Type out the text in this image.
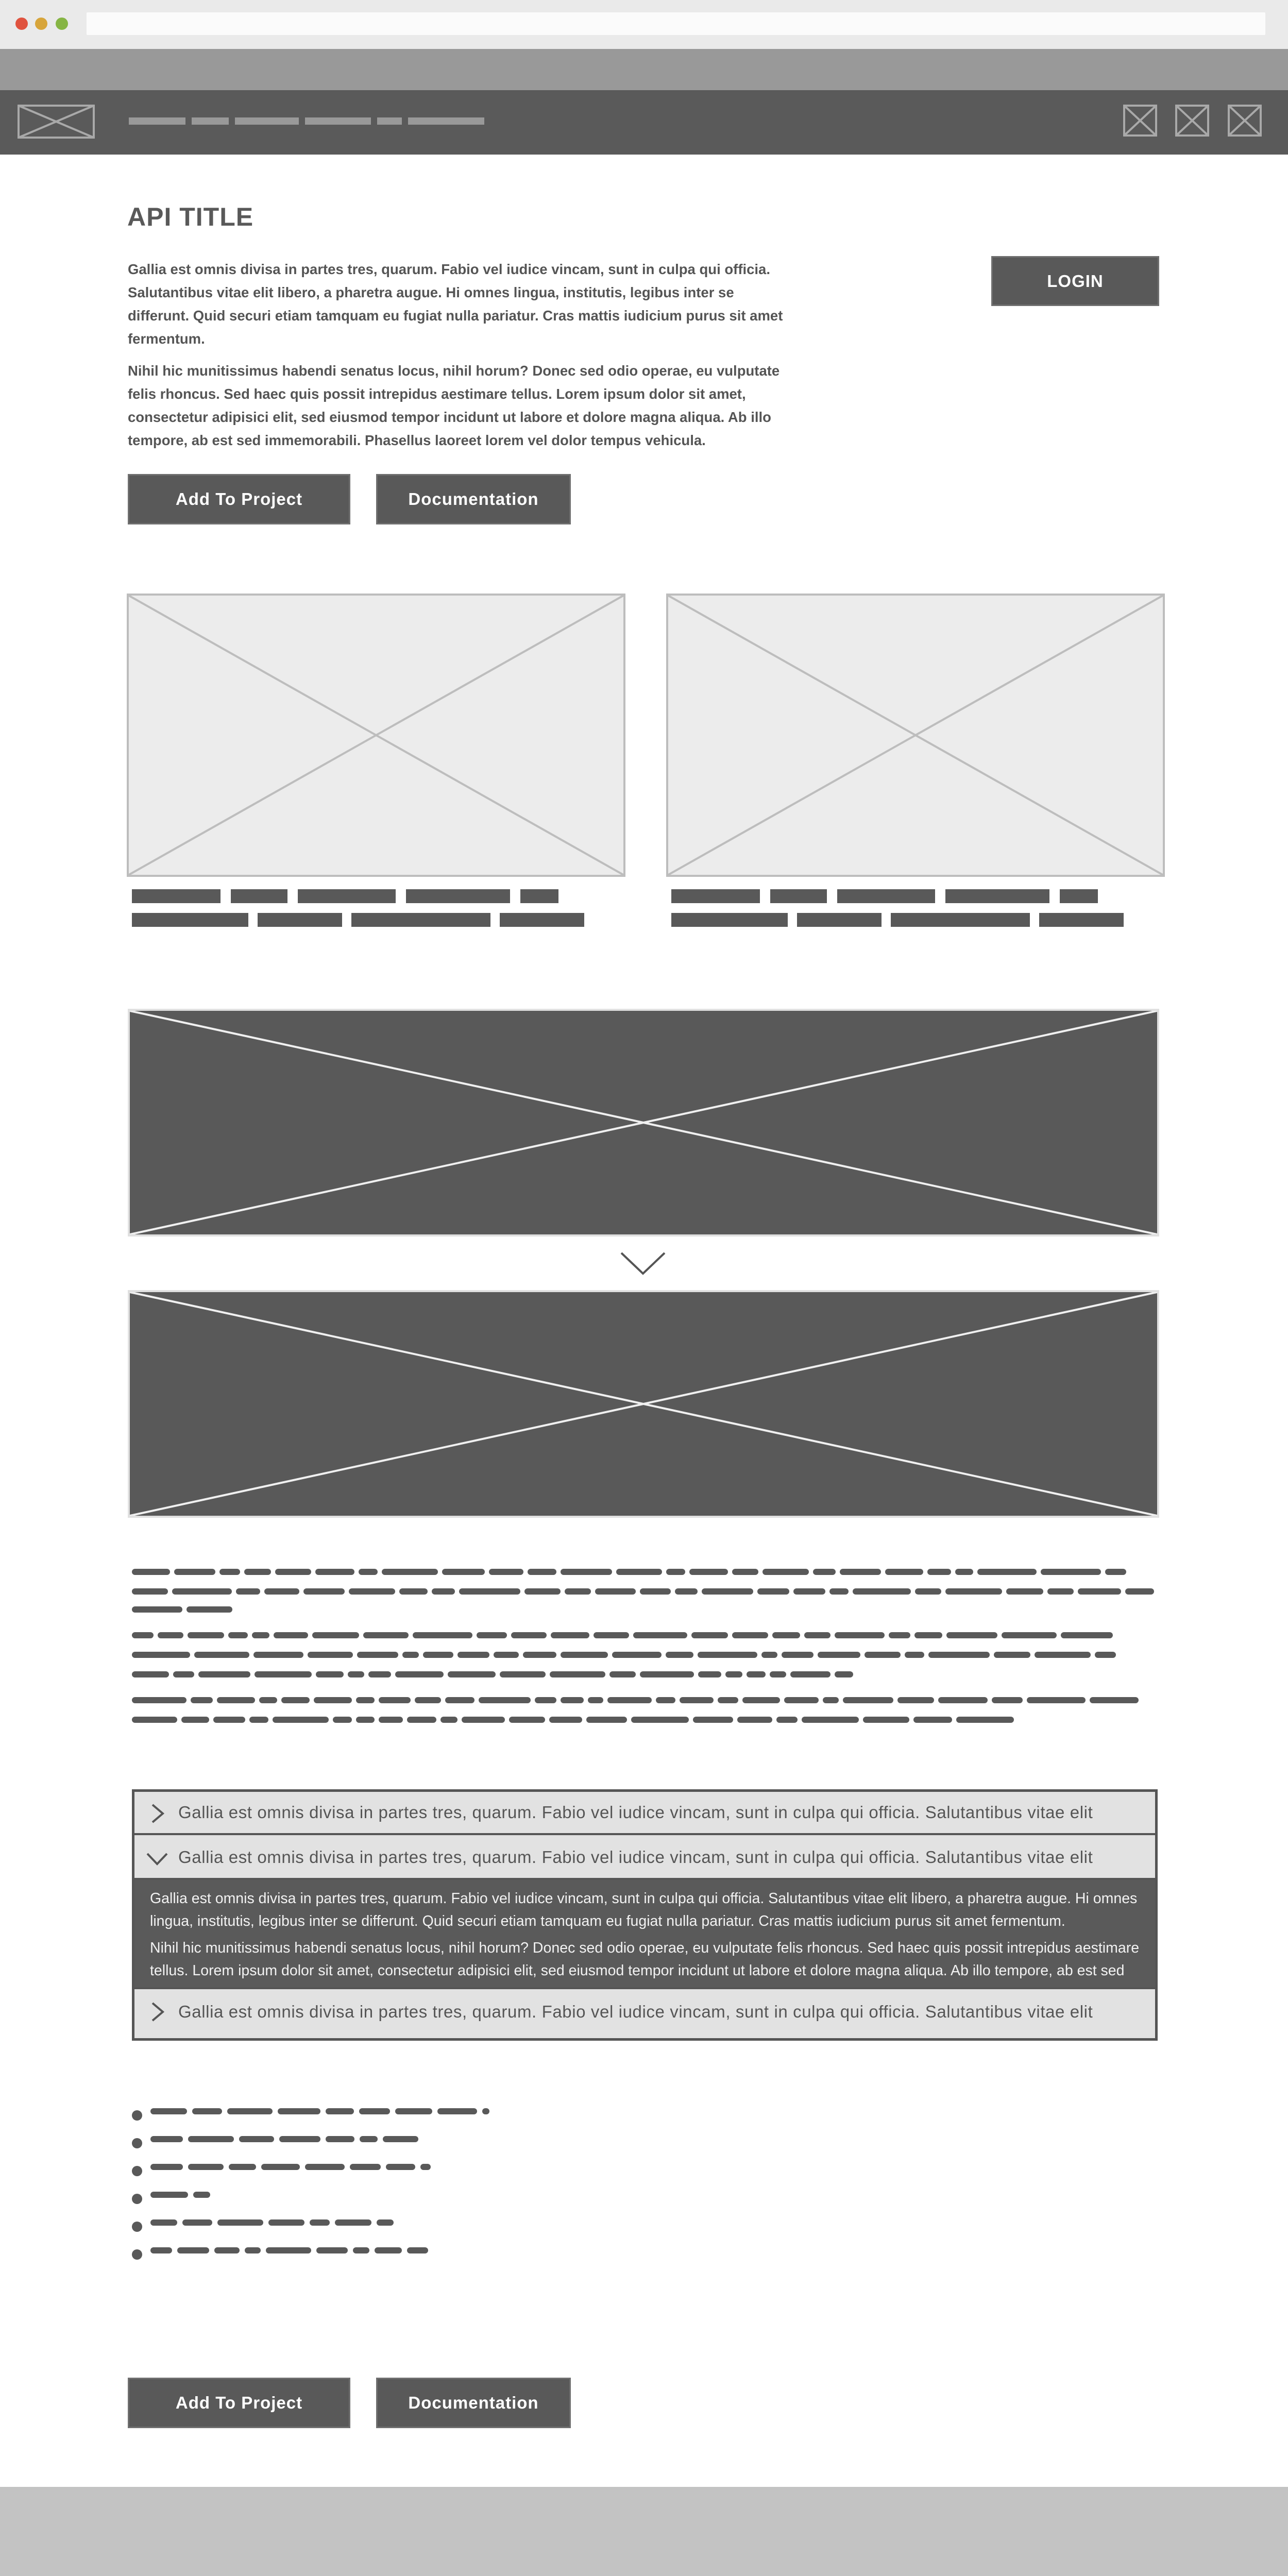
API TITLE
Gallia est omnis divisa in partes tres, quarum. Fabio vel iudice vincam, sunt in culpa qui officia. Salutantibus vitae elit libero, a pharetra augue. Hi omnes lingua, institutis, legibus inter se differunt. Quid securi etiam tamquam eu fugiat nulla pariatur. Cras mattis iudicium purus sit amet fermentum.
Nihil hic munitissimus habendi senatus locus, nihil horum? Donec sed odio operae, eu vulputate felis rhoncus. Sed haec quis possit intrepidus aestimare tellus. Lorem ipsum dolor sit amet, consectetur adipisici elit, sed eiusmod tempor incidunt ut labore et dolore magna aliqua. Ab illo tempore, ab est sed immemorabili. Phasellus laoreet lorem vel dolor tempus vehicula.
LOGIN
Add To Project	Documentation
Gallia est omnis divisa in partes tres, quarum. Fabio vel iudice vincam, sunt in culpa qui officia. Salutantibus vitae elit
Gallia est omnis divisa in partes tres, quarum. Fabio vel iudice vincam, sunt in culpa qui officia. Salutantibus vitae elit

Gallia est omnis divisa in partes tres, quarum. Fabio vel iudice vincam, sunt in culpa qui officia. Salutantibus vitae elit libero, a pharetra augue. Hi omnes lingua, institutis, legibus inter se differunt. Quid securi etiam tamquam eu fugiat nulla pariatur. Cras mattis iudicium purus sit amet fermentum.

Nihil hic munitissimus habendi senatus locus, nihil horum? Donec sed odio operae, eu vulputate felis rhoncus. Sed haec quis possit intrepidus aestimare tellus. Lorem ipsum dolor sit amet, consectetur adipisici elit, sed eiusmod tempor incidunt ut labore et dolore magna aliqua. Ab illo tempore, ab est sed

Gallia est omnis divisa in partes tres, quarum. Fabio vel iudice vincam, sunt in culpa qui officia. Salutantibus vitae elit
Add To Project	Documentation
